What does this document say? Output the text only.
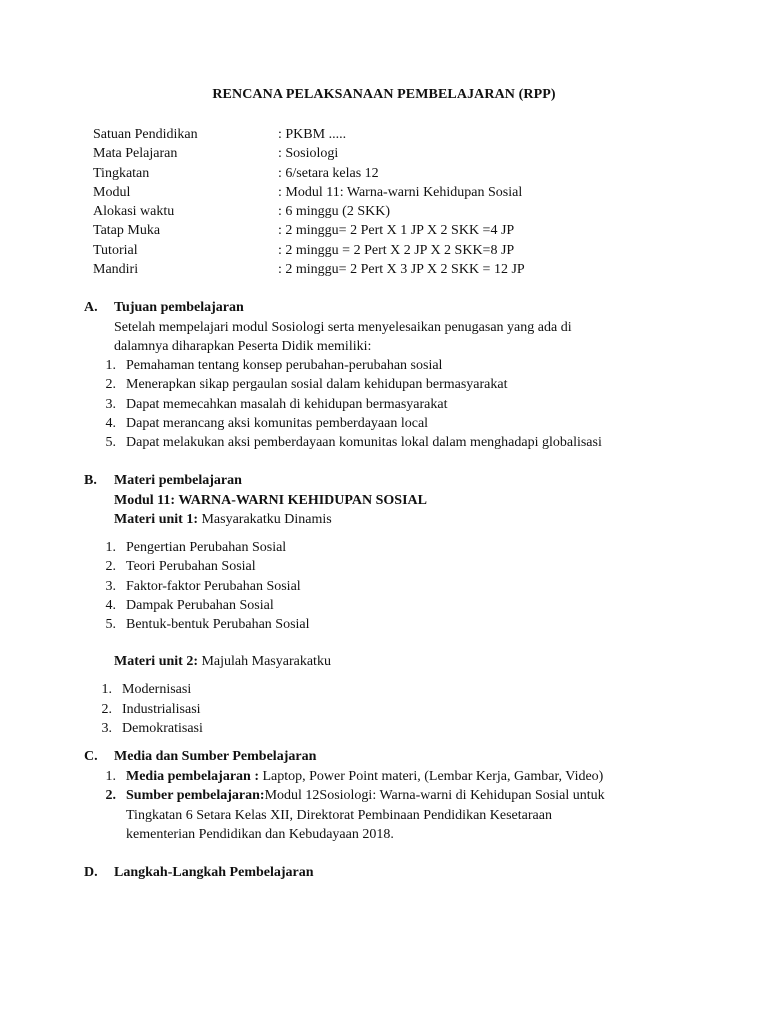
RENCANA PELAKSANAAN PEMBELAJARAN (RPP)
Satuan Pendidikan	: PKBM .....
Mata Pelajaran	: Sosiologi
Tingkatan	: 6/setara kelas 12
Modul	: Modul 11: Warna-warni Kehidupan Sosial
Alokasi waktu	: 6 minggu (2 SKK)
Tatap Muka	: 2 minggu= 2 Pert X 1 JP X 2 SKK =4 JP
Tutorial	: 2 minggu = 2 Pert X 2 JP X 2 SKK=8 JP
Mandiri	: 2 minggu= 2 Pert X 3 JP X 2 SKK = 12 JP
A.	Tujuan pembelajaran
Setelah mempelajari modul Sosiologi serta menyelesaikan penugasan yang ada di
dalamnya diharapkan Peserta Didik memiliki:
1. Pemahaman tentang konsep perubahan-perubahan sosial
2. Menerapkan sikap pergaulan sosial dalam kehidupan bermasyarakat
3. Dapat memecahkan masalah di kehidupan bermasyarakat
4. Dapat merancang aksi komunitas pemberdayaan local
5. Dapat melakukan aksi pemberdayaan komunitas lokal dalam menghadapi globalisasi
B.	Materi pembelajaran
Modul 11: WARNA-WARNI KEHIDUPAN SOSIAL
Materi unit 1: Masyarakatku Dinamis
1. Pengertian Perubahan Sosial
2. Teori Perubahan Sosial
3. Faktor-faktor Perubahan Sosial
4. Dampak Perubahan Sosial
5. Bentuk-bentuk Perubahan Sosial
Materi unit 2: Majulah Masyarakatku
1. Modernisasi
2. Industrialisasi
3. Demokratisasi
C.	Media dan Sumber Pembelajaran
1. Media pembelajaran : Laptop, Power Point materi, (Lembar Kerja, Gambar, Video)
2. Sumber pembelajaran:Modul 12Sosiologi: Warna-warni di Kehidupan Sosial untuk
Tingkatan 6 Setara Kelas XII, Direktorat Pembinaan Pendidikan Kesetaraan
kementerian Pendidikan dan Kebudayaan 2018.
D.	Langkah-Langkah Pembelajaran
